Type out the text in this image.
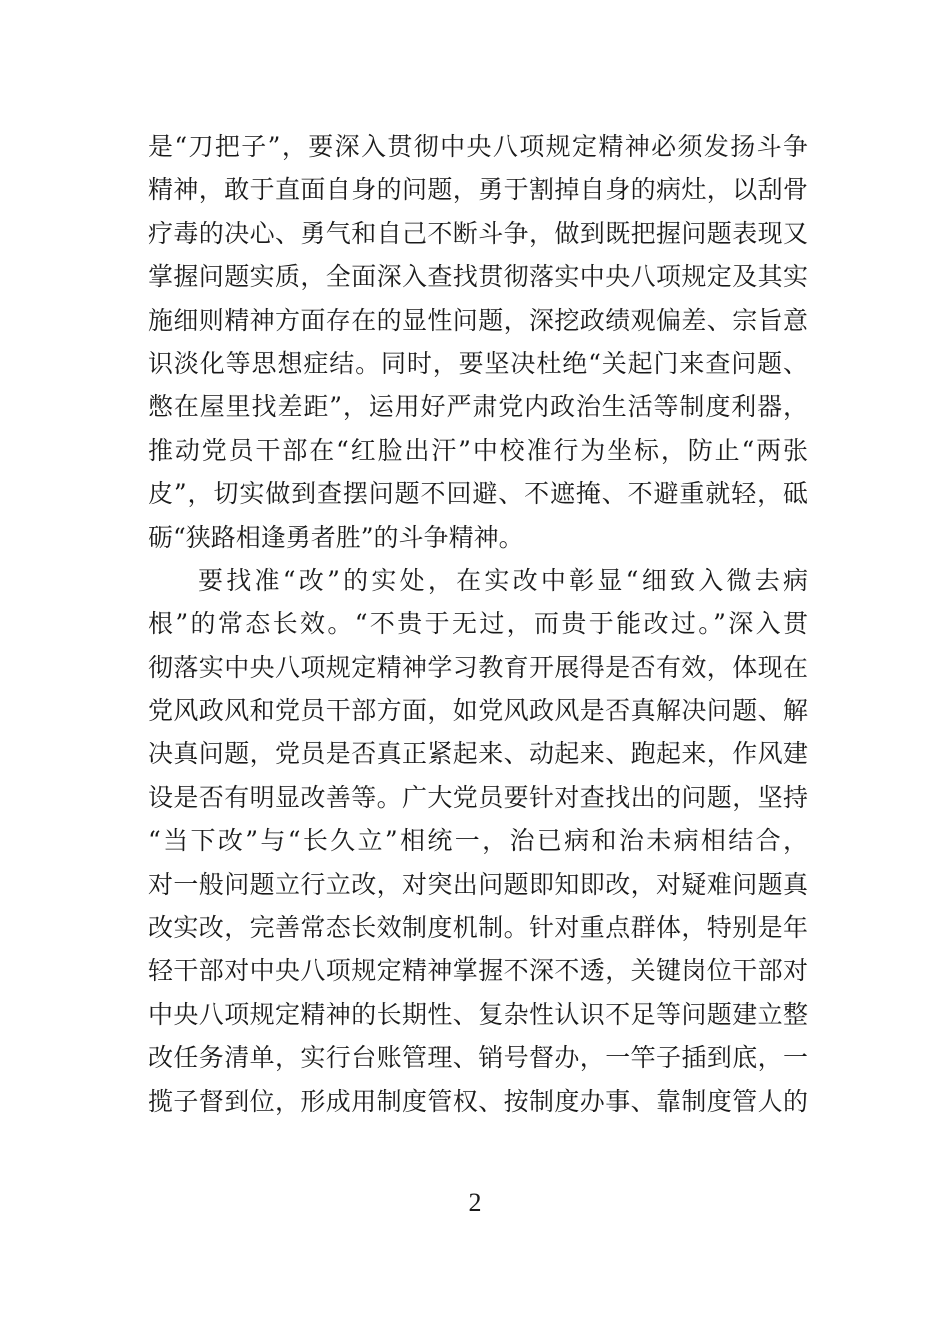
是“刀把子”，要深入贯彻中央八项规定精神必须发扬斗争
精神，敢于直面自身的问题，勇于割掉自身的病灶，以刮骨
疗毒的决心、勇气和自己不断斗争，做到既把握问题表现又
掌握问题实质，全面深入查找贯彻落实中央八项规定及其实
施细则精神方面存在的显性问题，深挖政绩观偏差、宗旨意
识淡化等思想症结。同时，要坚决杜绝“关起门来查问题、
憋在屋里找差距”，运用好严肃党内政治生活等制度利器，
推动党员干部在“红脸出汗”中校准行为坐标，防止“两张
皮”，切实做到查摆问题不回避、不遮掩、不避重就轻，砥
砺“狭路相逢勇者胜”的斗争精神。
要找准“改”的实处，在实改中彰显“细致入微去病
根”的常态长效。“不贵于无过，而贵于能改过。”深入贯
彻落实中央八项规定精神学习教育开展得是否有效，体现在
党风政风和党员干部方面，如党风政风是否真解决问题、解
决真问题，党员是否真正紧起来、动起来、跑起来，作风建
设是否有明显改善等。广大党员要针对查找出的问题，坚持
“当下改”与“长久立”相统一，治已病和治未病相结合，
对一般问题立行立改，对突出问题即知即改，对疑难问题真
改实改，完善常态长效制度机制。针对重点群体，特别是年
轻干部对中央八项规定精神掌握不深不透，关键岗位干部对
中央八项规定精神的长期性、复杂性认识不足等问题建立整
改任务清单，实行台账管理、销号督办，一竿子插到底，一
揽子督到位，形成用制度管权、按制度办事、靠制度管人的
2
